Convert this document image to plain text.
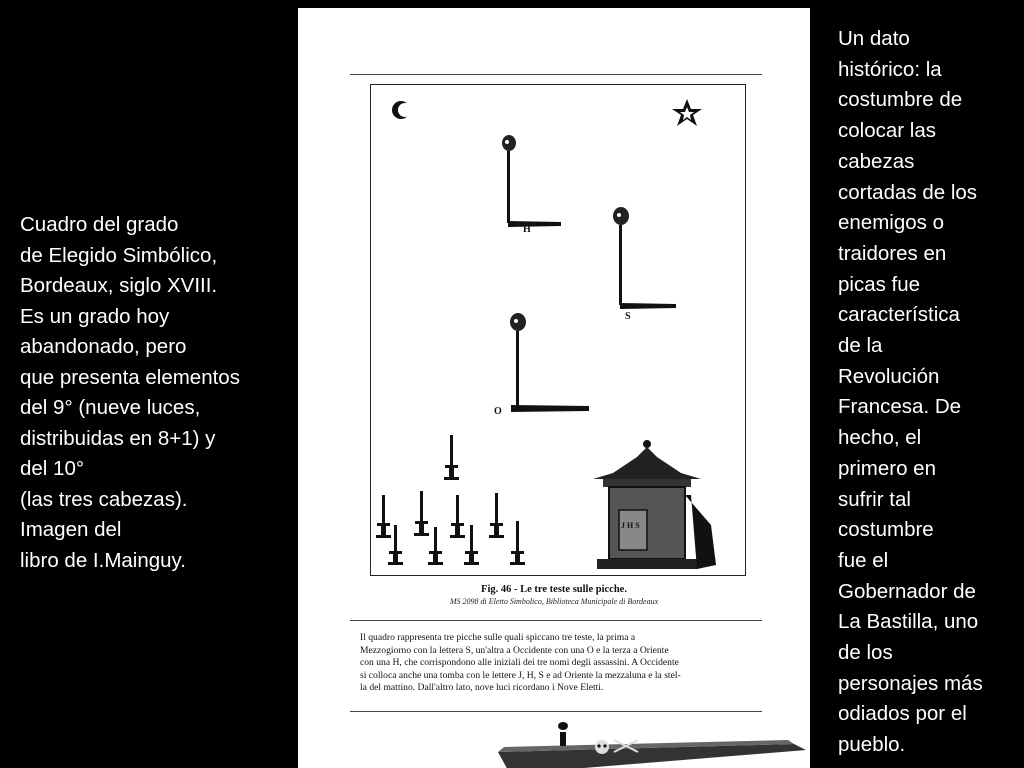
Cuadro del grado
de Elegido Simbólico,
Bordeaux, siglo XVIII.
Es un grado hoy
abandonado, pero
que presenta elementos
del 9° (nueve luces,
distribuidas en 8+1) y
del 10°
(las tres cabezas).
Imagen del
libro de I.Mainguy.
H
S
O
J H S
Fig. 46 - Le tre teste sulle picche.
MS 2098 di Eletto Simbolico, Biblioteca Municipale di Bordeaux
Il quadro rappresenta tre picche sulle quali spiccano tre teste, la prima a
Mezzogiorno con la lettera S, un'altra a Occidente con una O e la terza a Oriente
con una H, che corrispondono alle iniziali dei tre nomi degli assassini. A Occidente
si colloca anche una tomba con le lettere J, H, S e ad Oriente la mezzaluna e la stel-
la del mattino. Dall'altro lato, nove luci ricordano i Nove Eletti.
Un dato
histórico: la
costumbre de
colocar las
cabezas
cortadas de los
enemigos o
traidores en
picas fue
característica
de la
Revolución
Francesa. De
hecho, el
primero en
sufrir tal
costumbre
fue el
Gobernador de
La Bastilla, uno
de los
personajes más
odiados por el
pueblo.
